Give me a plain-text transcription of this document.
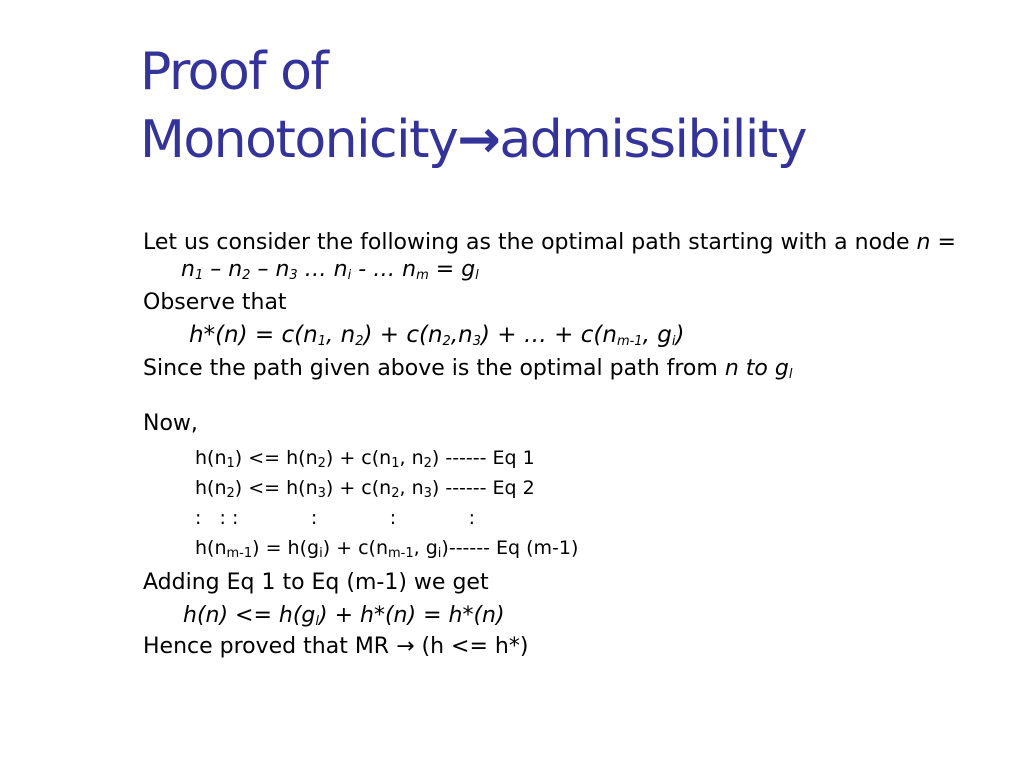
Proof of
Monotonicity→admissibility
Let us consider the following as the optimal path starting with a node $n = n_1 - n_2 - n_3$ … $n_i$ - … $n_m = g_l$
Observe that
$h*(n) = c(n_1$, $n_2) + c(n_2,n_3)$ + … + $c(n_{m-1}$, $g_i$)
Since the path given above is the optimal path from n to $g_l$
Now,
$h(n_1) <= h(n_2) + c(n_1$, $n_2$) ------ Eq 1
$h(n_2) <= h(n_3) + c(n_2$, $n_3$) ------ Eq 2
:   : :            :            :            :
$h(n_{m-1}) = h(g_i) + c(n_{m-1}$, $g_i)------$ Eq (m-1)
Adding Eq 1 to Eq (m-1) we get
$h(n) <= h(g_l) + h*(n) = h*(n)$
Hence proved that MR → (h <= h*)
